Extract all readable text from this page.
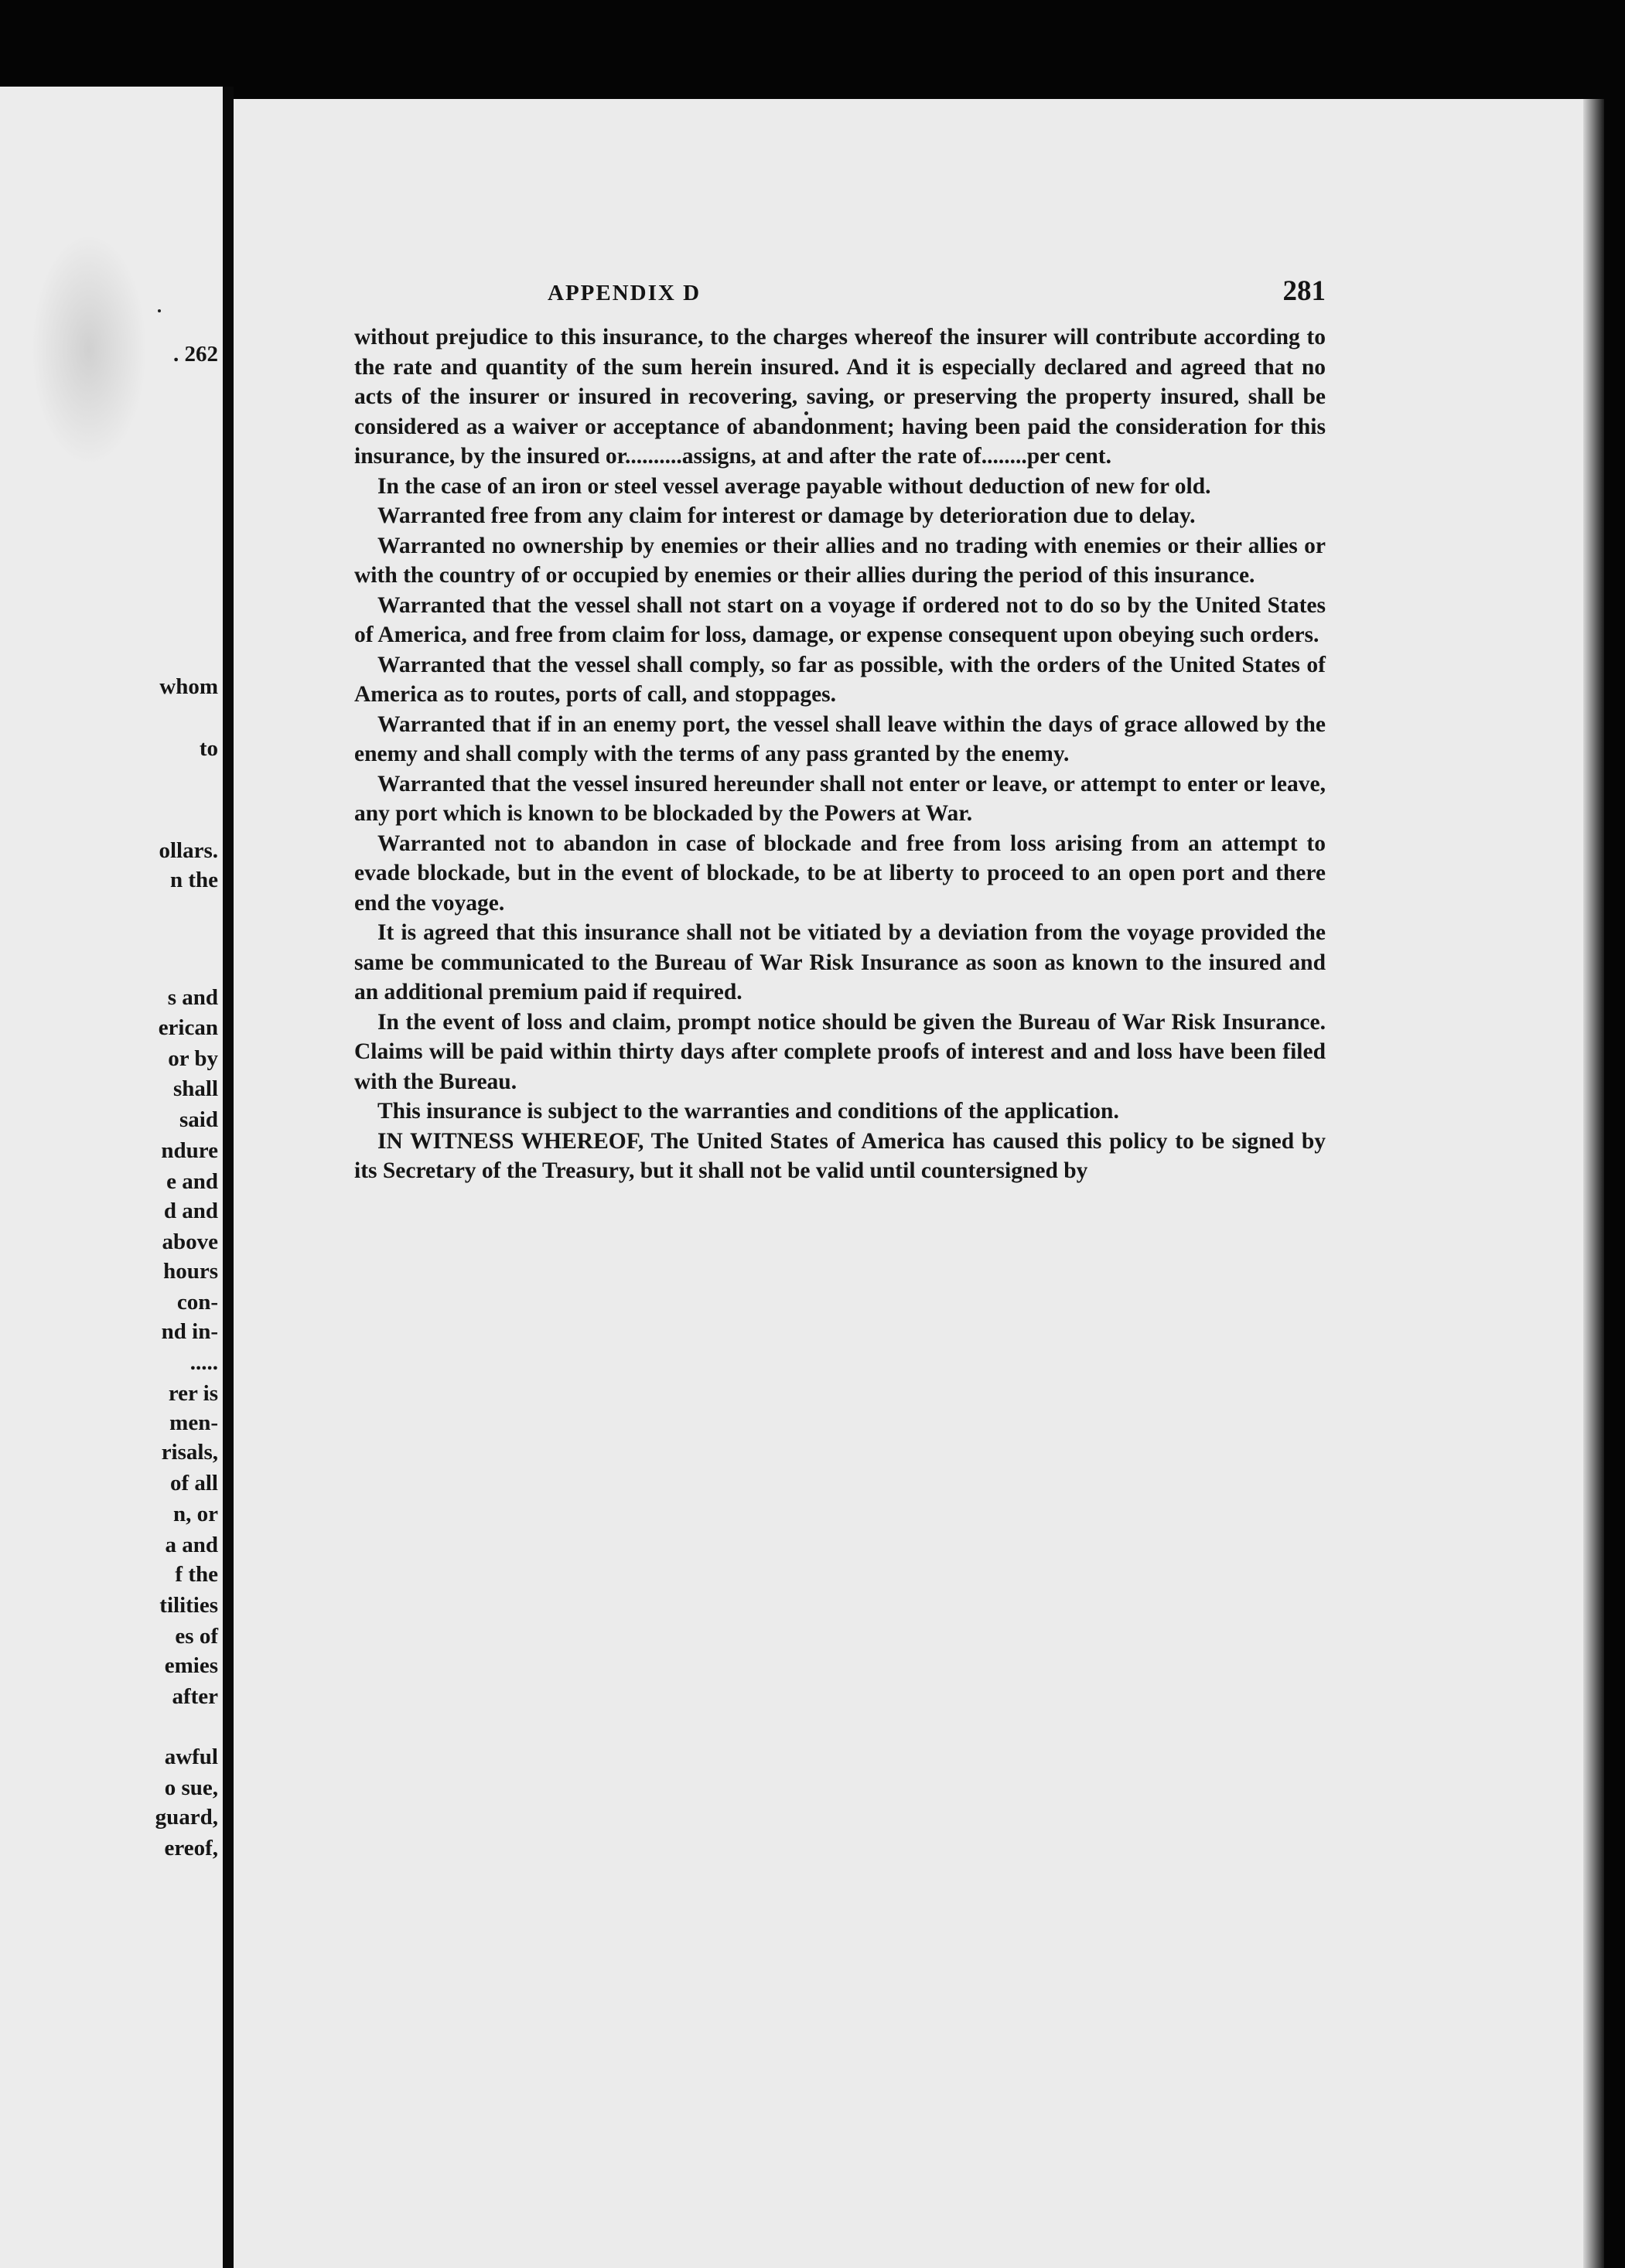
. 262

whom

to

ollars.

n the

s and

erican

or by

shall

said

ndure

e and

d and

above

hours

con-

nd in-

.....

rer is

men-

risals,

of all

n, or

a and

f the

tilities

es of

emies

after

awful

o sue,

guard,

ereof,

APPENDIX D	281

without prejudice to this insurance, to the charges whereof the insurer will contribute according to the rate and quantity of the sum herein insured. And it is especially declared and agreed that no acts of the insurer or insured in recovering, saving, or preserving the property insured, shall be considered as a waiver or acceptance of abandonment; having been paid the consideration for this insurance, by the insured or..........assigns, at and after the rate of........per cent.

In the case of an iron or steel vessel average payable without deduction of new for old.

Warranted free from any claim for interest or damage by deterioration due to delay.

Warranted no ownership by enemies or their allies and no trading with enemies or their allies or with the country of or occupied by enemies or their allies during the period of this insurance.

Warranted that the vessel shall not start on a voyage if ordered not to do so by the United States of America, and free from claim for loss, damage, or expense consequent upon obeying such orders.

Warranted that the vessel shall comply, so far as possible, with the orders of the United States of America as to routes, ports of call, and stoppages.

Warranted that if in an enemy port, the vessel shall leave within the days of grace allowed by the enemy and shall comply with the terms of any pass granted by the enemy.

Warranted that the vessel insured hereunder shall not enter or leave, or attempt to enter or leave, any port which is known to be blockaded by the Powers at War.

Warranted not to abandon in case of blockade and free from loss arising from an attempt to evade blockade, but in the event of blockade, to be at liberty to proceed to an open port and there end the voyage.

It is agreed that this insurance shall not be vitiated by a deviation from the voyage provided the same be communicated to the Bureau of War Risk Insurance as soon as known to the insured and an additional premium paid if required.

In the event of loss and claim, prompt notice should be given the Bureau of War Risk Insurance. Claims will be paid within thirty days after complete proofs of interest and and loss have been filed with the Bureau.

This insurance is subject to the warranties and conditions of the application.

IN WITNESS WHEREOF, The United States of America has caused this policy to be signed by its Secretary of the Treasury, but it shall not be valid until countersigned by
